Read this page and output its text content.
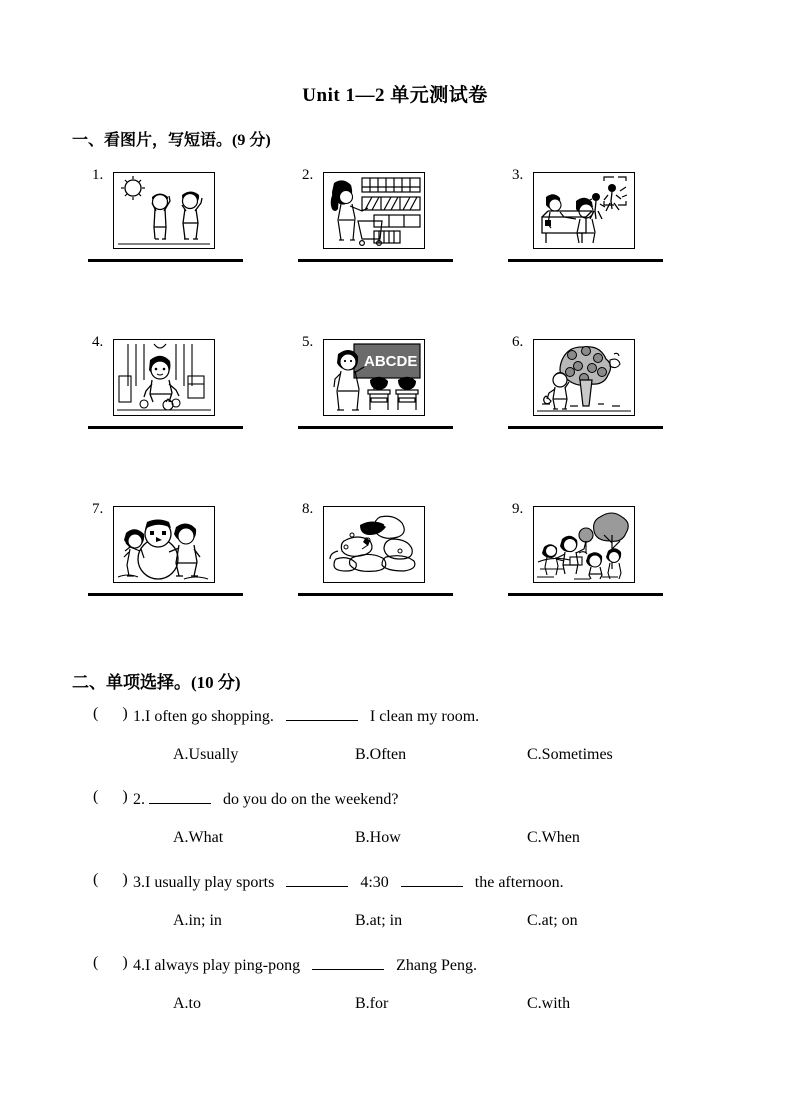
Unit 1—2 单元测试卷
一、看图片，写短语。(9 分)
1.	2.	3.
4.	5.
ABCDE
6.
7.	8.	9.
二、单项选择。(10 分)
(      ) 1.I often go shopping.	I clean my room.
A.Usually	B.Often	C.Sometimes
(      ) 2.	do you do on the weekend?
A.What	B.How	C.When
(      ) 3.I usually play sports	4:30	the afternoon.
A.in; in	B.at; in	C.at; on
(      ) 4.I always play ping-pong	Zhang Peng.
A.to	B.for	C.with
